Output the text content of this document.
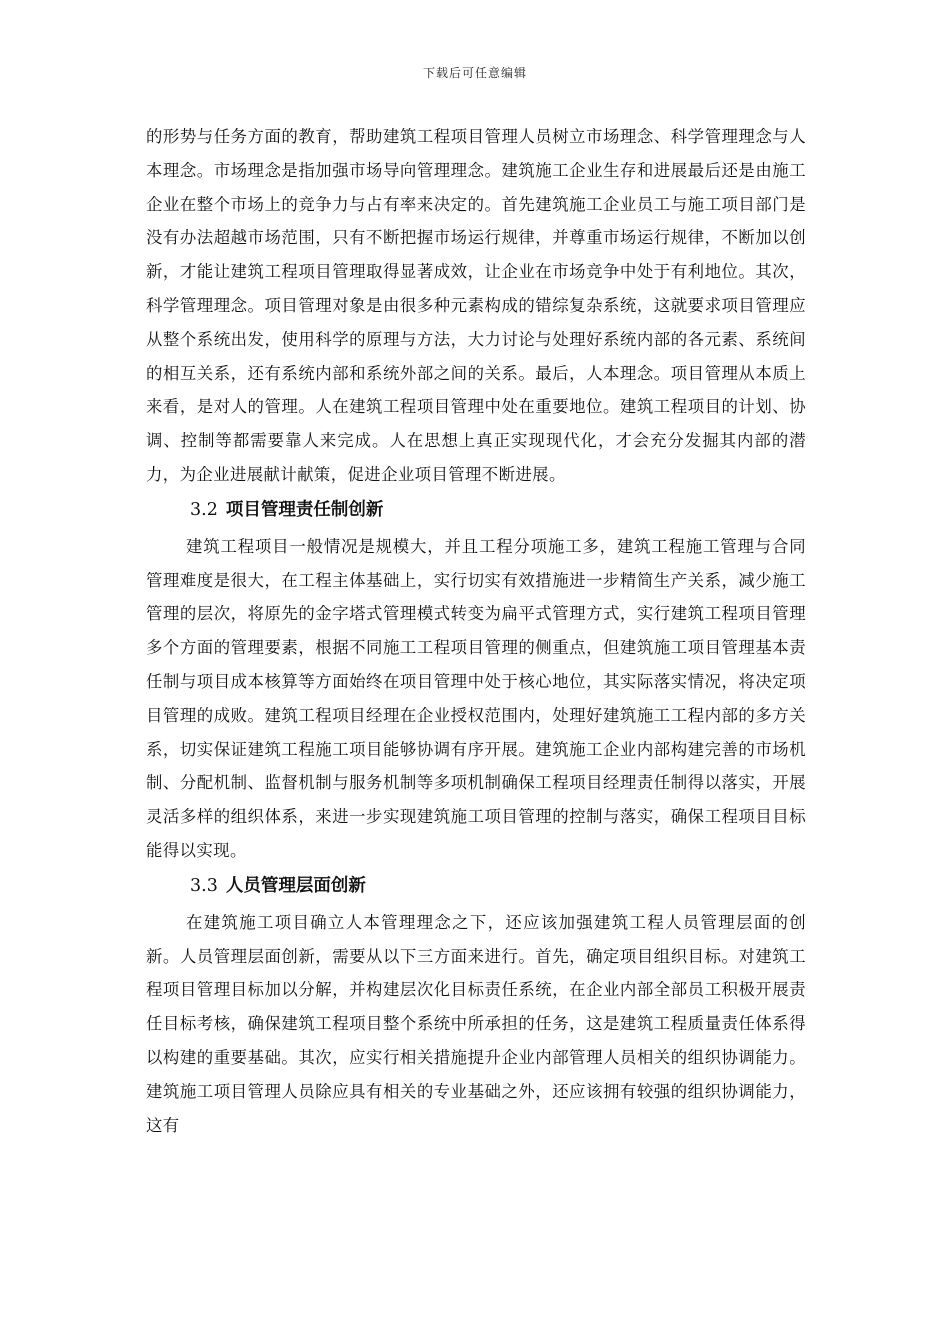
下载后可任意编辑

的形势与任务方面的教育，帮助建筑工程项目管理人员树立市场理念、科学管理理念与人本理念。市场理念是指加强市场导向管理理念。建筑施工企业生存和进展最后还是由施工企业在整个市场上的竞争力与占有率来决定的。首先建筑施工企业员工与施工项目部门是没有办法超越市场范围，只有不断把握市场运行规律，并尊重市场运行规律，不断加以创新，才能让建筑工程项目管理取得显著成效，让企业在市场竞争中处于有利地位。其次，科学管理理念。项目管理对象是由很多种元素构成的错综复杂系统，这就要求项目管理应从整个系统出发，使用科学的原理与方法，大力讨论与处理好系统内部的各元素、系统间的相互关系，还有系统内部和系统外部之间的关系。最后，人本理念。项目管理从本质上来看，是对人的管理。人在建筑工程项目管理中处在重要地位。建筑工程项目的计划、协调、控制等都需要靠人来完成。人在思想上真正实现现代化，才会充分发掘其内部的潜力，为企业进展献计献策，促进企业项目管理不断进展。

3.2 项目管理责任制创新

建筑工程项目一般情况是规模大，并且工程分项施工多，建筑工程施工管理与合同管理难度是很大，在工程主体基础上，实行切实有效措施进一步精简生产关系，减少施工管理的层次，将原先的金字塔式管理模式转变为扁平式管理方式，实行建筑工程项目管理多个方面的管理要素，根据不同施工工程项目管理的侧重点，但建筑施工项目管理基本责任制与项目成本核算等方面始终在项目管理中处于核心地位，其实际落实情况，将决定项目管理的成败。建筑工程项目经理在企业授权范围内，处理好建筑施工工程内部的多方关系，切实保证建筑工程施工项目能够协调有序开展。建筑施工企业内部构建完善的市场机制、分配机制、监督机制与服务机制等多项机制确保工程项目经理责任制得以落实，开展灵活多样的组织体系，来进一步实现建筑施工项目管理的控制与落实，确保工程项目目标能得以实现。

3.3 人员管理层面创新

在建筑施工项目确立人本管理理念之下，还应该加强建筑工程人员管理层面的创新。人员管理层面创新，需要从以下三方面来进行。首先，确定项目组织目标。对建筑工程项目管理目标加以分解，并构建层次化目标责任系统，在企业内部全部员工积极开展责任目标考核，确保建筑工程项目整个系统中所承担的任务，这是建筑工程质量责任体系得以构建的重要基础。其次，应实行相关措施提升企业内部管理人员相关的组织协调能力。建筑施工项目管理人员除应具有相关的专业基础之外，还应该拥有较强的组织协调能力，这有
